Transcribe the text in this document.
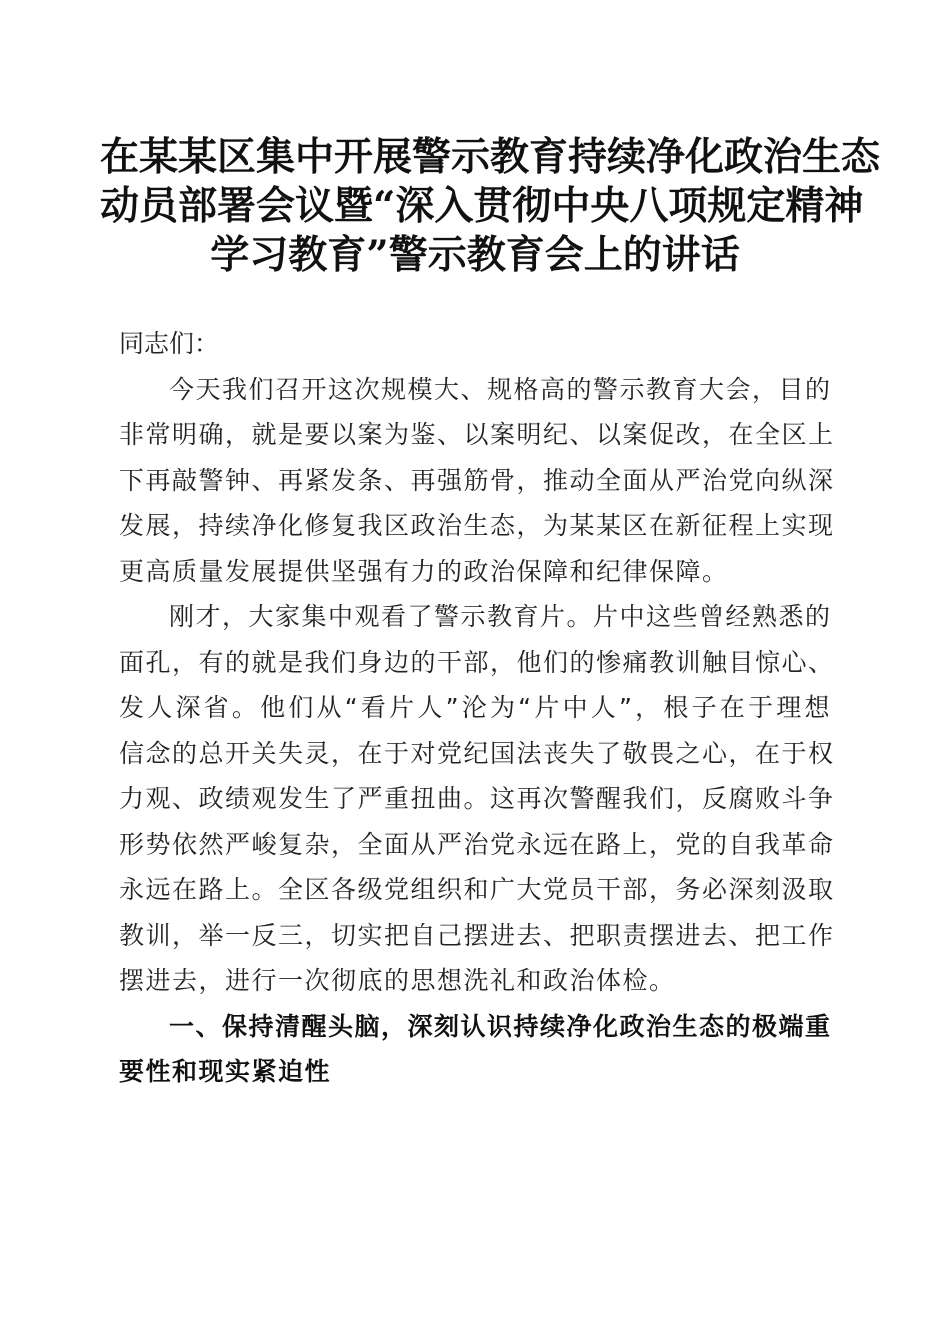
在某某区集中开展警示教育持续净化政治生态
动员部署会议暨“深入贯彻中央八项规定精神
学习教育”警示教育会上的讲话
同志们：
今天我们召开这次规模大、规格高的警示教育大会，目的
非常明确，就是要以案为鉴、以案明纪、以案促改，在全区上
下再敲警钟、再紧发条、再强筋骨，推动全面从严治党向纵深
发展，持续净化修复我区政治生态，为某某区在新征程上实现
更高质量发展提供坚强有力的政治保障和纪律保障。
刚才，大家集中观看了警示教育片。片中这些曾经熟悉的
面孔，有的就是我们身边的干部，他们的惨痛教训触目惊心、
发人深省。他们从“看片人”沦为“片中人”，根子在于理想
信念的总开关失灵，在于对党纪国法丧失了敬畏之心，在于权
力观、政绩观发生了严重扭曲。这再次警醒我们，反腐败斗争
形势依然严峻复杂，全面从严治党永远在路上，党的自我革命
永远在路上。全区各级党组织和广大党员干部，务必深刻汲取
教训，举一反三，切实把自己摆进去、把职责摆进去、把工作
摆进去，进行一次彻底的思想洗礼和政治体检。
一、保持清醒头脑，深刻认识持续净化政治生态的极端重
要性和现实紧迫性
